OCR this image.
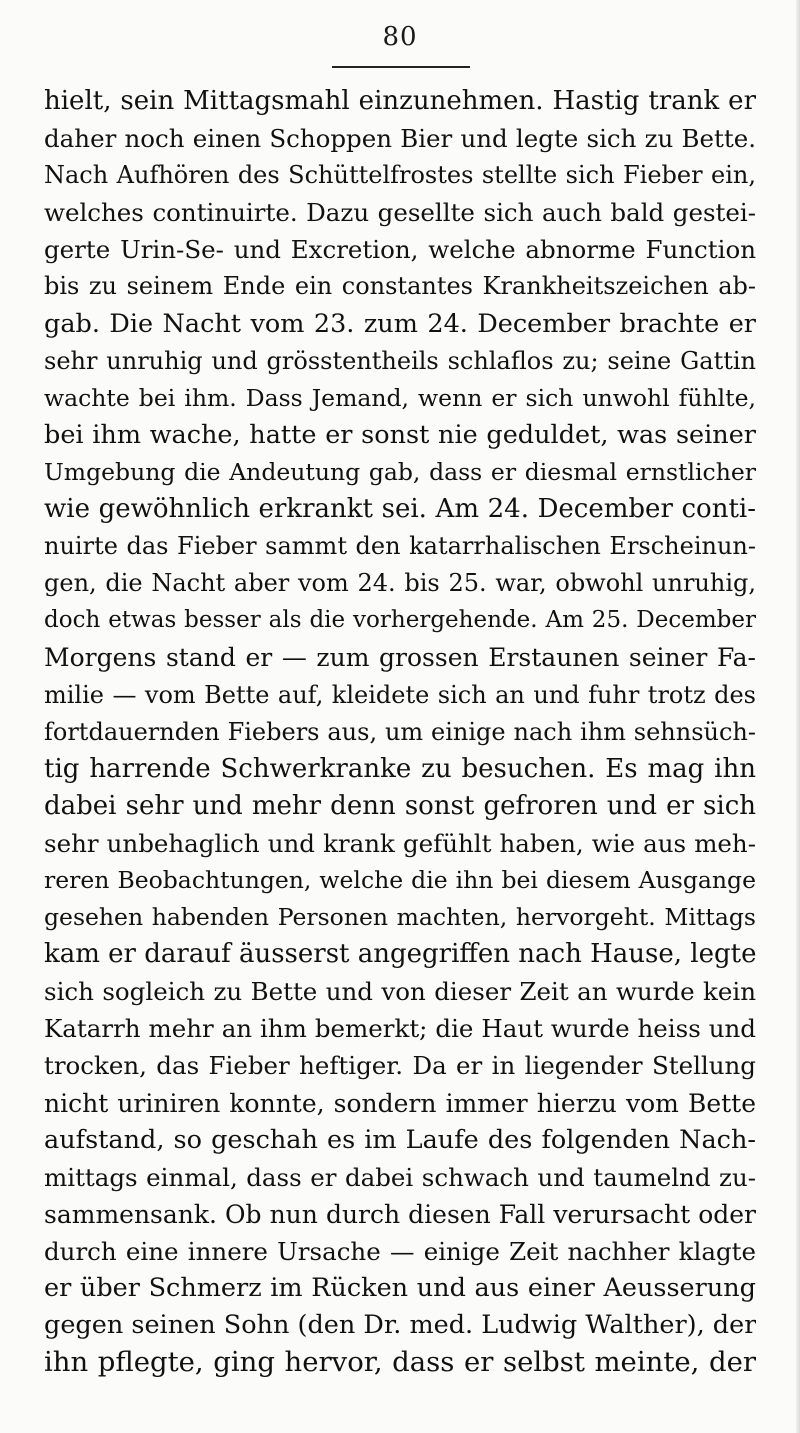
80
hielt, sein Mittagsmahl einzunehmen. Hastig trank er
daher noch einen Schoppen Bier und legte sich zu Bette.
Nach Aufhören des Schüttelfrostes stellte sich Fieber ein,
welches continuirte. Dazu gesellte sich auch bald gestei-
gerte Urin-Se- und Excretion, welche abnorme Function
bis zu seinem Ende ein constantes Krankheitszeichen ab-
gab. Die Nacht vom 23. zum 24. December brachte er
sehr unruhig und grösstentheils schlaflos zu; seine Gattin
wachte bei ihm. Dass Jemand, wenn er sich unwohl fühlte,
bei ihm wache, hatte er sonst nie geduldet, was seiner
Umgebung die Andeutung gab, dass er diesmal ernstlicher
wie gewöhnlich erkrankt sei. Am 24. December conti-
nuirte das Fieber sammt den katarrhalischen Erscheinun-
gen, die Nacht aber vom 24. bis 25. war, obwohl unruhig,
doch etwas besser als die vorhergehende. Am 25. December
Morgens stand er — zum grossen Erstaunen seiner Fa-
milie — vom Bette auf, kleidete sich an und fuhr trotz des
fortdauernden Fiebers aus, um einige nach ihm sehnsüch-
tig harrende Schwerkranke zu besuchen. Es mag ihn
dabei sehr und mehr denn sonst gefroren und er sich
sehr unbehaglich und krank gefühlt haben, wie aus meh-
reren Beobachtungen, welche die ihn bei diesem Ausgange
gesehen habenden Personen machten, hervorgeht. Mittags
kam er darauf äusserst angegriffen nach Hause, legte
sich sogleich zu Bette und von dieser Zeit an wurde kein
Katarrh mehr an ihm bemerkt; die Haut wurde heiss und
trocken, das Fieber heftiger. Da er in liegender Stellung
nicht uriniren konnte, sondern immer hierzu vom Bette
aufstand, so geschah es im Laufe des folgenden Nach-
mittags einmal, dass er dabei schwach und taumelnd zu-
sammensank. Ob nun durch diesen Fall verursacht oder
durch eine innere Ursache — einige Zeit nachher klagte
er über Schmerz im Rücken und aus einer Aeusserung
gegen seinen Sohn (den Dr. med. Ludwig Walther), der
ihn pflegte, ging hervor, dass er selbst meinte, der
